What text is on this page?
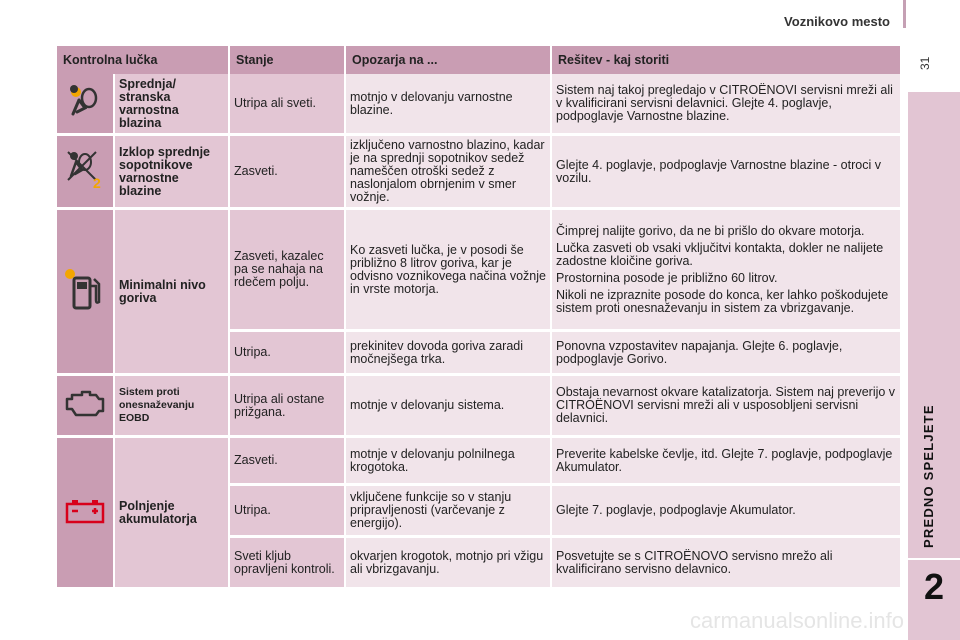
Voznikovo mesto
31
PREDNO SPELJETE
2
carmanualsonline.info
Kontrolna lučka		Stanje	Opozarja na ...	Rešitev - kaj storiti
	Sprednja/ stranska varnostna blazina	Utripa ali sveti.	motnjo v delovanju varnostne blazine.	Sistem naj takoj pregledajo v CITROËNOVI servisni mreži ali v kvalificirani servisni delavnici. Glejte 4. poglavje, podpoglavje Varnostne blazine.

2	Izklop sprednje sopotnikove varnostne blazine	Zasveti.	izključeno varnostno blazino, kadar je na sprednji sopotnikov sedež nameščen otroški sedež z naslonjalom obrnjenim v smer vožnje.	Glejte 4. poglavje, podpoglavje Varnostne blazine - otroci v vozilu.

	Minimalni nivo goriva	Zasveti, kazalec pa se nahaja na rdečem polju.	Ko zasveti lučka, je v posodi še približno 8 litrov goriva, kar je odvisno voznikovega načina vožnje in vrste motorja.	Čimprej nalijte gorivo, da ne bi prišlo do okvare motorja.

Lučka zasveti ob vsaki vključitvi kontakta, dokler ne nalijete zadostne kloičine goriva.

Prostornina posode je približno 60 litrov.

Nikoli ne izpraznite posode do konca, ker lahko poškodujete sistem proti onesnaževanju in sistem za vbrizgavanje.

		Utripa.	prekinitev dovoda goriva zaradi močnejšega trka.	Ponovna vzpostavitev napajanja. Glejte 6. poglavje, podpoglavje Gorivo.

	Sistem proti onesnaževanju EOBD	Utripa ali ostane prižgana.	motnje v delovanju sistema.	Obstaja nevarnost okvare katalizatorja. Sistem naj preverijo v CITROËNOVI servisni mreži ali v usposobljeni servisni delavnici.

	Polnjenje akumulatorja	Zasveti.	motnje v delovanju polnilnega krogotoka.	Preverite kabelske čevlje, itd. Glejte 7. poglavje, podpoglavje Akumulator.

		Utripa.	vključene funkcije so v stanju pripravljenosti (varčevanje z energijo).	Glejte 7. poglavje, podpoglavje Akumulator.

		Sveti kljub opravljeni kontroli.	okvarjen krogotok, motnjo pri vžigu ali vbrizgavanju.	Posvetujte se s CITROËNOVO servisno mrežo ali kvalificirano servisno delavnico.
